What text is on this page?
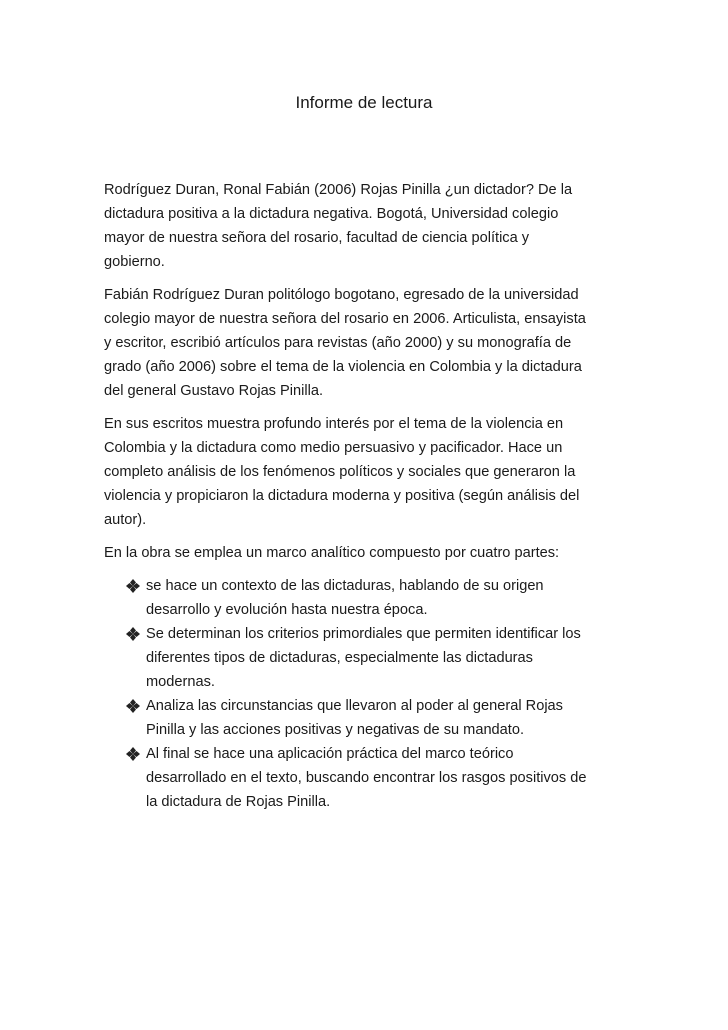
Informe de lectura

Rodríguez Duran, Ronal Fabián (2006) Rojas Pinilla ¿un dictador? De la
dictadura positiva a la dictadura negativa. Bogotá, Universidad colegio
mayor de nuestra señora del rosario, facultad de ciencia política y
gobierno.

Fabián Rodríguez Duran politólogo bogotano, egresado de la universidad
colegio mayor de nuestra señora del rosario en 2006. Articulista, ensayista
y escritor, escribió artículos para revistas (año 2000) y su monografía de
grado (año 2006) sobre el tema de la violencia en Colombia y la dictadura
del general Gustavo Rojas Pinilla.

En sus escritos muestra profundo interés por el tema de la violencia en
Colombia y la dictadura como medio persuasivo y pacificador. Hace un
completo análisis de los fenómenos políticos y sociales que generaron la
violencia y propiciaron la dictadura moderna y positiva (según análisis del
autor).

En la obra se emplea un marco analítico compuesto por cuatro partes:

se hace un contexto de las dictaduras, hablando de su origen
desarrollo y evolución hasta nuestra época.
Se determinan los criterios primordiales que permiten identificar los
diferentes tipos de dictaduras, especialmente las dictaduras
modernas.
Analiza las circunstancias que llevaron al poder al general Rojas
Pinilla y las acciones positivas y negativas de su mandato.
Al final se hace una aplicación práctica del marco teórico
desarrollado en el texto, buscando encontrar los rasgos positivos de
la dictadura de Rojas Pinilla.
